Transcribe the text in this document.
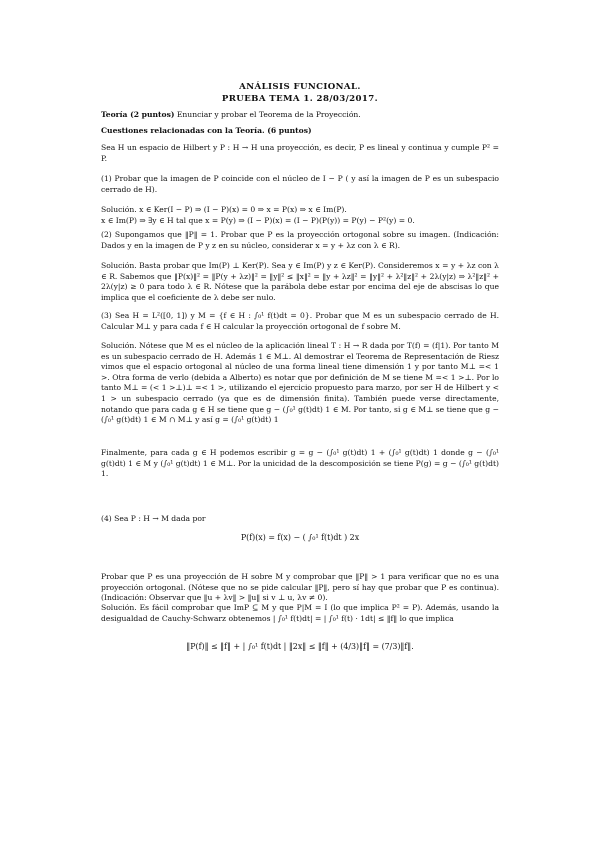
ANÁLISIS FUNCIONAL.
PRUEBA TEMA 1. 28/03/2017.

Teoría (2 puntos) Enunciar y probar el Teorema de la Proyección.

Cuestiones relacionadas con la Teoría. (6 puntos)

Sea H un espacio de Hilbert y P : H → H una proyección, es decir, P es lineal y continua y cumple P² = P.

(1) Probar que la imagen de P coincide con el núcleo de I − P ( y así la imagen de P es un subespacio cerrado de H).

Solución. x ∈ Ker(I − P) ⇒ (I − P)(x) = 0 ⇒ x = P(x) ⇒ x ∈ Im(P).
x ∈ Im(P) ⇒ ∃y ∈ H tal que x = P(y) ⇒ (I − P)(x) = (I − P)(P(y)) = P(y) − P²(y) = 0.

(2) Supongamos que ‖P‖ = 1. Probar que P es la proyección ortogonal sobre su imagen. (Indicación: Dados y en la imagen de P y z en su núcleo, considerar x = y + λz con λ ∈ R).

Solución. Basta probar que Im(P) ⊥ Ker(P). Sea y ∈ Im(P) y z ∈ Ker(P). Consideremos x = y + λz con λ ∈ R. Sabemos que ‖P(x)‖² = ‖P(y + λz)‖² = ‖y‖² ≤ ‖x‖² = ‖y + λz‖² = ‖y‖² + λ²‖z‖² + 2λ(y|z) ⇒ λ²‖z‖² + 2λ(y|z) ≥ 0 para todo λ ∈ R. Nótese que la parábola debe estar por encima del eje de abscisas lo que implica que el coeficiente de λ debe ser nulo.

(3) Sea H = L²([0, 1]) y M = {f ∈ H : ∫₀¹ f(t)dt = 0}. Probar que M es un subespacio cerrado de H. Calcular M⊥ y para cada f ∈ H calcular la proyección ortogonal de f sobre M.

Solución. Nótese que M es el núcleo de la aplicación lineal T : H → R dada por T(f) = (f|1). Por tanto M es un subespacio cerrado de H. Además 1 ∈ M⊥. Al demostrar el Teorema de Representación de Riesz vimos que el espacio ortogonal al núcleo de una forma lineal tiene dimensión 1 y por tanto M⊥ =< 1 >. Otra forma de verlo (debida a Alberto) es notar que por definición de M se tiene M =< 1 >⊥. Por lo tanto M⊥ = (< 1 >⊥)⊥ =< 1 >, utilizando el ejercicio propuesto para marzo, por ser H de Hilbert y < 1 > un subespacio cerrado (ya que es de dimensión finita). También puede verse directamente, notando que para cada g ∈ H se tiene que g − (∫₀¹ g(t)dt) 1 ∈ M. Por tanto, si g ∈ M⊥ se tiene que g − (∫₀¹ g(t)dt) 1 ∈ M ∩ M⊥ y así g = (∫₀¹ g(t)dt) 1

Finalmente, para cada g ∈ H podemos escribir g = g − (∫₀¹ g(t)dt) 1 + (∫₀¹ g(t)dt) 1 donde g − (∫₀¹ g(t)dt) 1 ∈ M y (∫₀¹ g(t)dt) 1 ∈ M⊥. Por la unicidad de la descomposición se tiene P(g) = g − (∫₀¹ g(t)dt) 1.

(4) Sea P : H → M dada por

P(f)(x) = f(x) − ( ∫₀¹ f(t)dt ) 2x

Probar que P es una proyección de H sobre M y comprobar que ‖P‖ > 1 para verificar que no es una proyección ortogonal. (Nótese que no se pide calcular ‖P‖, pero sí hay que probar que P es continua). (Indicación: Observar que ‖u + λv‖ > ‖u‖ si v ⊥ u, λv ≠ 0).

Solución. Es fácil comprobar que ImP ⊆ M y que P|M = I (lo que implica P² = P). Además, usando la desigualdad de Cauchy-Schwarz obtenemos | ∫₀¹ f(t)dt| = | ∫₀¹ f(t) · 1dt| ≤ ‖f‖ lo que implica

‖P(f)‖ ≤ ‖f‖ + | ∫₀¹ f(t)dt | ‖2x‖ ≤ ‖f‖ + (4/3)‖f‖ = (7/3)‖f‖.
